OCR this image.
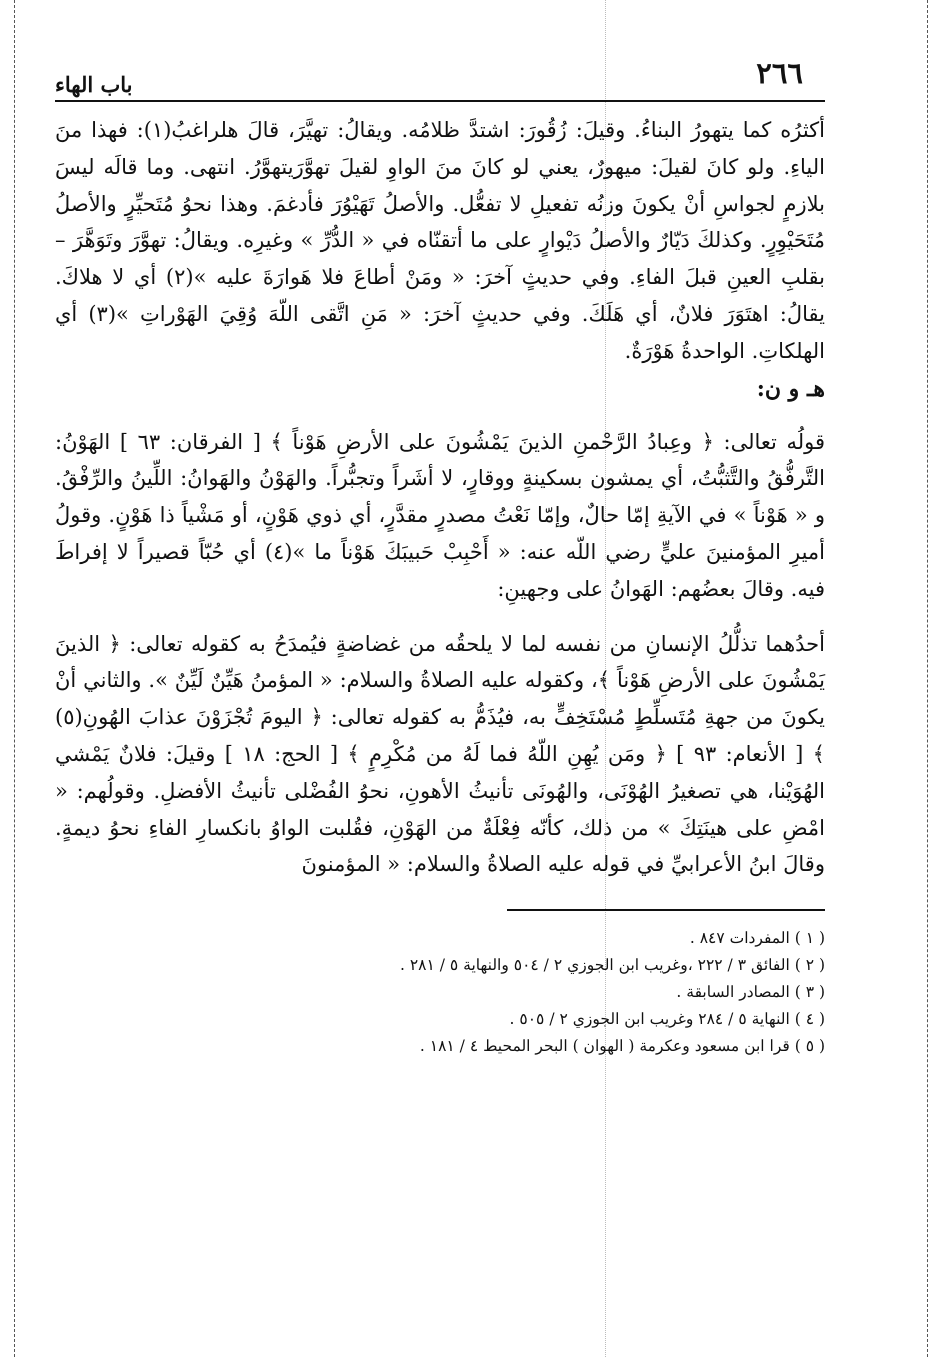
٢٦٦
باب الهاء

أكثرُه كما يتهورُ البناءُ. وقيلَ: زُقُورَ: اشتدَّ ظلامُه. ويقالُ: تهيَّرَ، قالَ هلراغبُ(١): فهذا منَ الياءِ. ولو كانَ لقيلَ: ميهورٌ، يعني لو كانَ منَ الواوِ لقيلَ تهوَّرَيتهوَّرُ. انتهى. وما قالَه ليسَ بلازمٍ لجواسِ أنْ يكونَ وزنُه تفعيلِ لا تفعُّل. والأصلُ تَهَيْوُرَ فأدغمَ. وهذا نحوُ مُتَحيِّرٍ والأصلُ مُتَحَيْوِرٍ. وكذلكَ دَيّارٌ والأصلُ دَيْوارٍ على ما أتقنّاه في « الدُّرِّ » وغيرِه. ويقالُ: تهوَّرَ وتَوَهَّرَ – بقلبِ العينِ قبلَ الفاءِ. وفي حديثٍ آخرَ: « ومَنْ أطاعَ فلا هَوارَةَ عليه »(٢) أي لا هلاكَ. يقالُ: اهتَوَرَ فلانٌ، أي هَلَكَ. وفي حديثٍ آخرَ: « مَنِ اتَّقى اللّهَ وُقِيَ الهَوْراتِ »(٣) أي الهلكاتِ. الواحدةُ هَوْرَةٌ.

هـ و ن:

قولُه تعالى: ﴿ وعِبادُ الرَّحْمنِ الذينَ يَمْشُونَ على الأرضِ هَوْناً ﴾ [ الفرقان: ٦٣ ] الهَوْنُ: التَّرفُّقُ والتَّثبُّتُ، أي يمشون بسكينةٍ ووقارٍ، لا أشَراً وتجبُّراً. والهَوْنُ والهَوانُ: اللِّينُ والرِّفْقُ. و « هَوْناً » في الآيةِ إمّا حالٌ، وإمّا نَعْتُ مصدرٍ مقدَّرٍ، أي ذوي هَوْنٍ، أو مَشْياً ذا هَوْنٍ. وقولُ أميرِ المؤمنينَ عليٍّ رضي اللّه عنه: « أَحْبِبْ حَبيبَكَ هَوْناً ما »(٤) أي حُبّاً قصيراً لا إفراطَ فيه. وقالَ بعضُهم: الهَوانُ على وجهينِ:

أحدُهما تذلُّلُ الإنسانِ من نفسه لما لا يلحقُه من غضاضةٍ فيُمدَحُ به كقوله تعالى: ﴿ الذينَ يَمْشُونَ على الأرضِ هَوْناً ﴾، وكقوله عليه الصلاةُ والسلام: « المؤمنُ هَيِّنٌ لَيِّنٌ ». والثاني أنْ يكونَ من جهةِ مُتَسلِّطٍ مُسْتَخِفٍّ به، فيُذَمُّ به كقوله تعالى: ﴿ اليومَ تُجْزَوْنَ عذابَ الهُونِ(٥) ﴾ [ الأنعام: ٩٣ ] ﴿ ومَن يُهِنِ اللّهُ فما لَهُ من مُكْرِمٍ ﴾ [ الحج: ١٨ ] وقيلَ: فلانٌ يَمْشي الهُوَيْنا، هي تصغيرُ الهُوْنَى، والهُونَى تأنيثُ الأهونِ، نحوُ الفُضْلى تأنيثُ الأفضلِ. وقولُهم: « امْضِ على هينَتِكَ » من ذلك، كأنّه فِعْلَةٌ من الهَوْنِ، فقُلبت الواوُ بانكسارِ الفاءِ نحوُ ديمةٍ. وقالَ ابنُ الأعرابيِّ في قوله عليه الصلاةُ والسلام: « المؤمنونَ

( ١ ) المفردات ٨٤٧ .

( ٢ ) الفائق ٣ / ٢٢٢ ،وغريب ابن الجوزي ٢ / ٥٠٤ والنهاية ٥ / ٢٨١ .

( ٣ ) المصادر السابقة .

( ٤ ) النهاية ٥ / ٢٨٤ وغريب ابن الجوزي ٢ / ٥٠٥ .

( ٥ ) قرا ابن مسعود وعكرمة ( الهوان ) البحر المحيط ٤ / ١٨١ .
